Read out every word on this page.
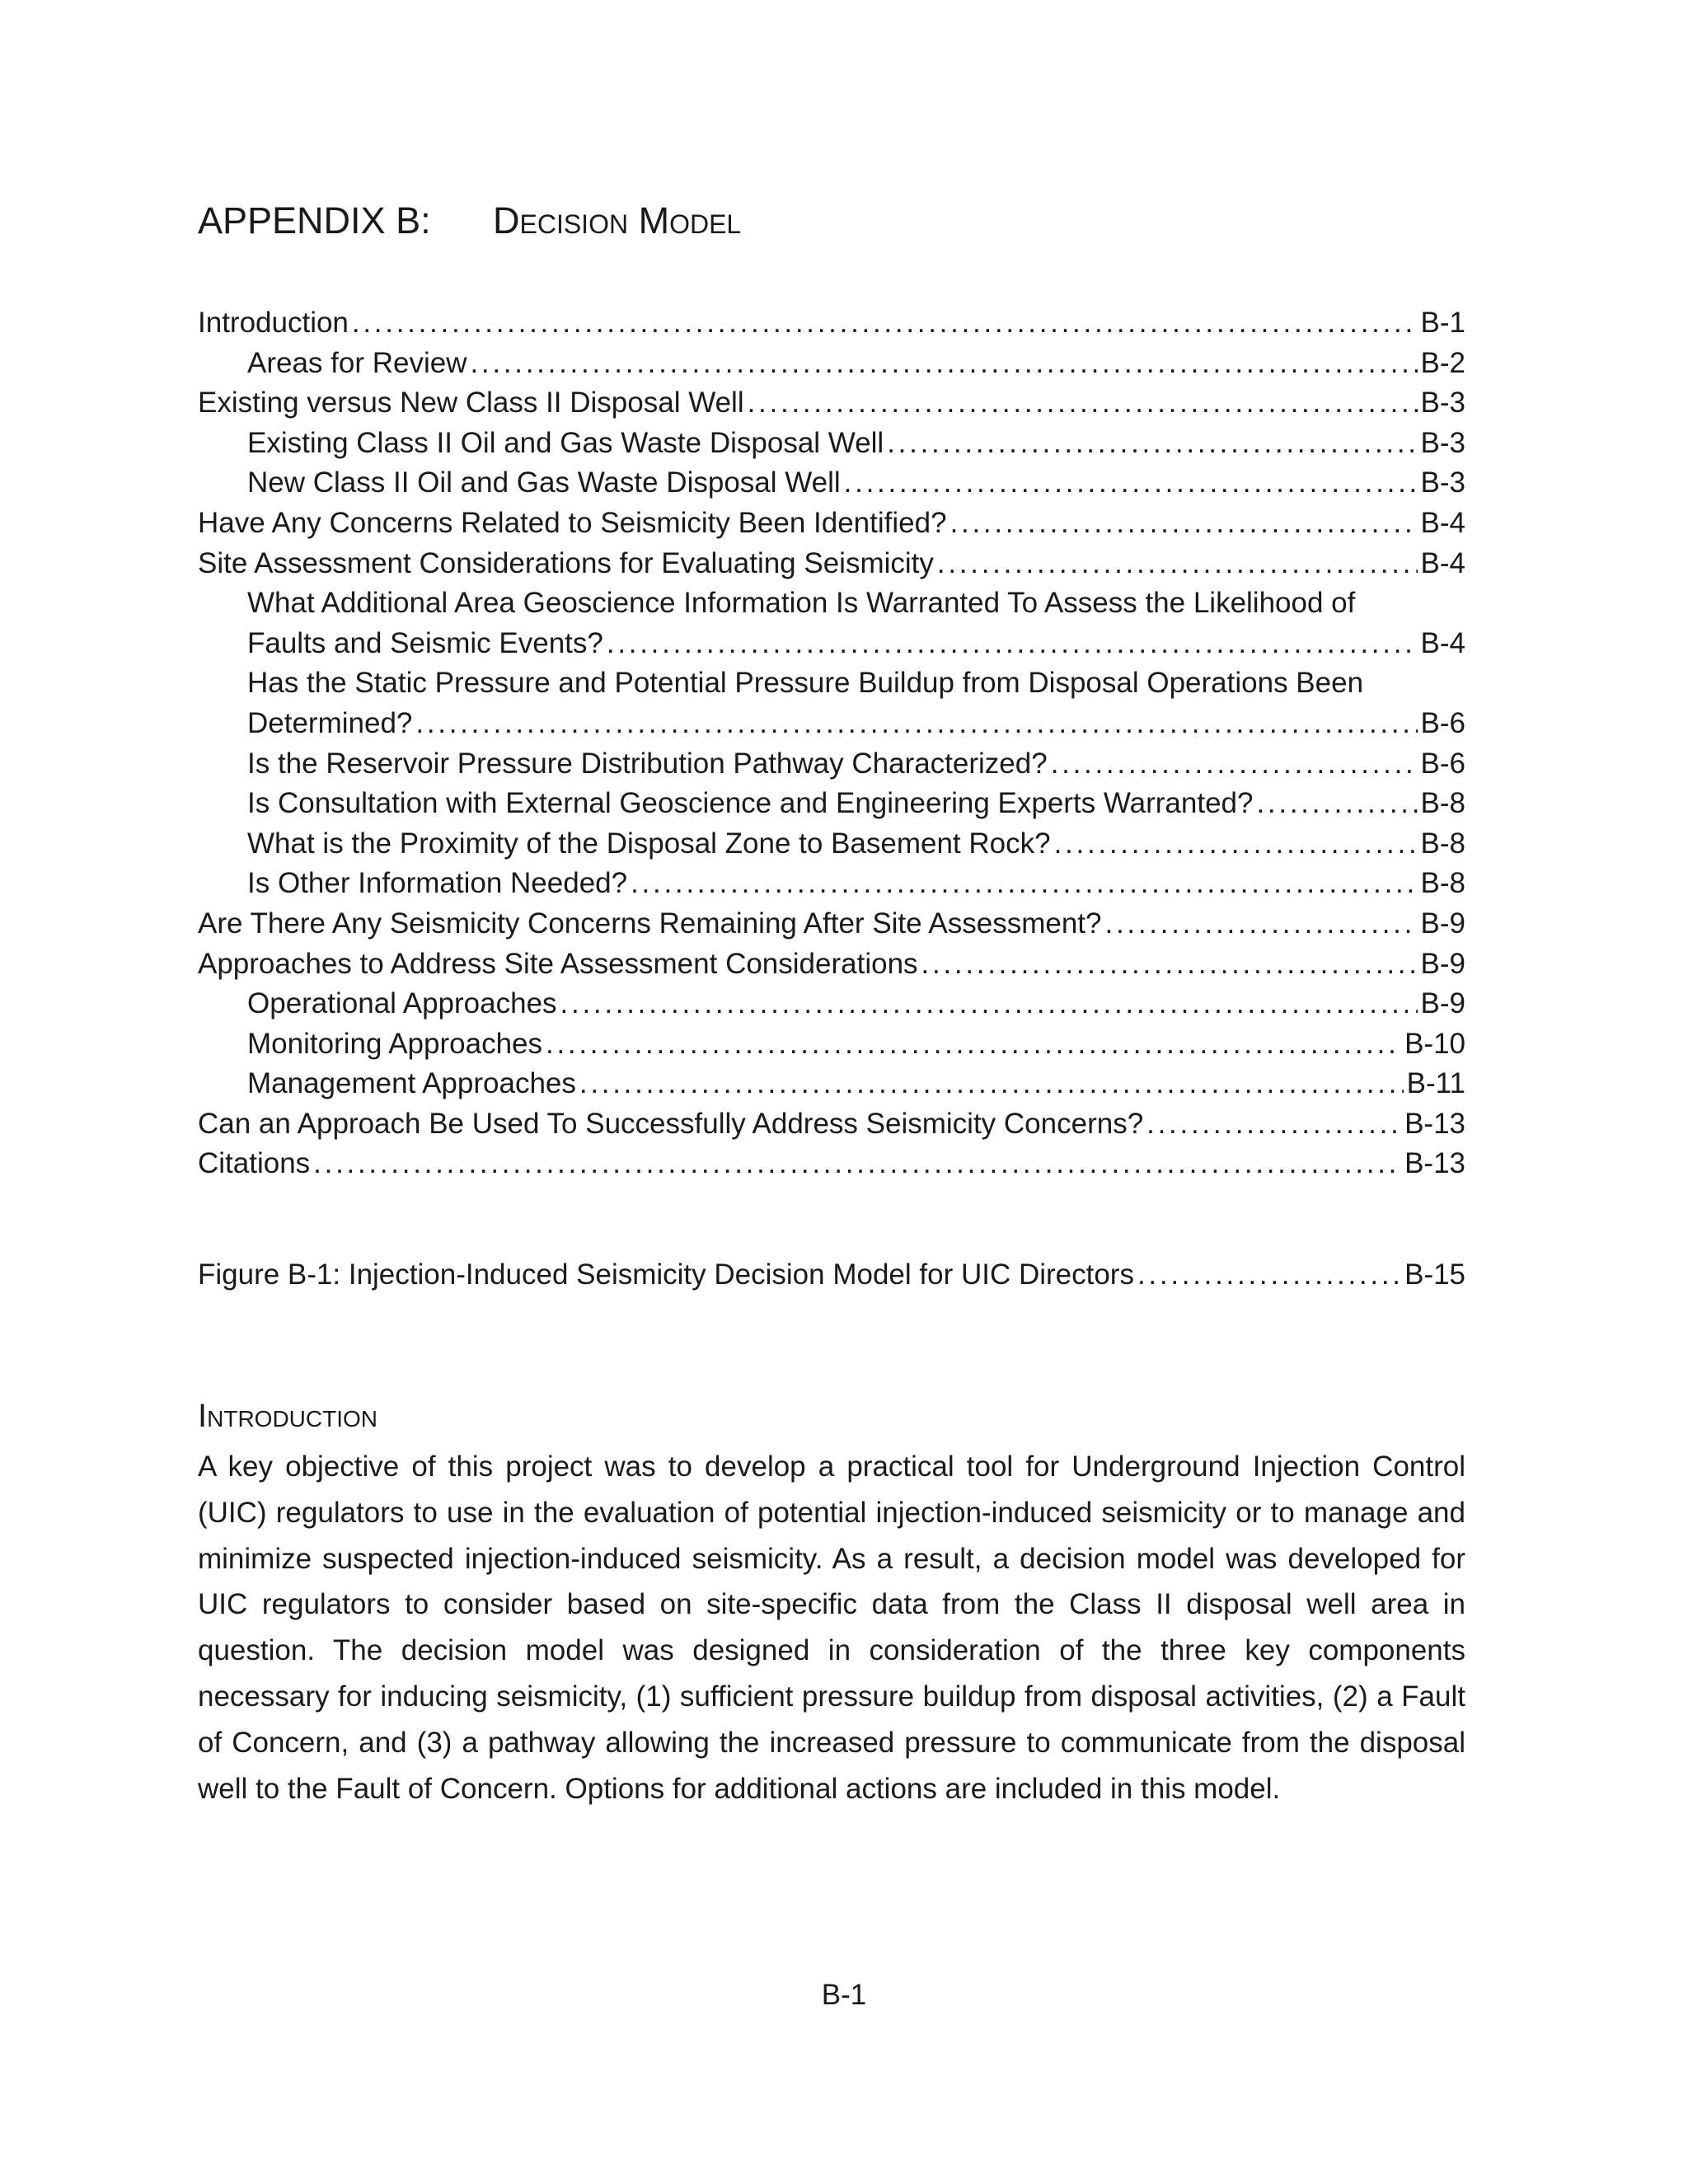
APPENDIX B: Decision Model
Introduction . . .	B-1
Areas for Review . . .	B-2
Existing versus New Class II Disposal Well . . .	B-3
Existing Class II Oil and Gas Waste Disposal Well . . .	B-3
New Class II Oil and Gas Waste Disposal Well . . .	B-3
Have Any Concerns Related to Seismicity Been Identified? . . .	B-4
Site Assessment Considerations for Evaluating Seismicity . . .	B-4
What Additional Area Geoscience Information Is Warranted To Assess the Likelihood of
Faults and Seismic Events? . . .	B-4
Has the Static Pressure and Potential Pressure Buildup from Disposal Operations Been
Determined? . . .	B-6
Is the Reservoir Pressure Distribution Pathway Characterized? . . .	B-6
Is Consultation with External Geoscience and Engineering Experts Warranted? . . .	B-8
What is the Proximity of the Disposal Zone to Basement Rock? . . .	B-8
Is Other Information Needed? . . .	B-8
Are There Any Seismicity Concerns Remaining After Site Assessment? . . .	B-9
Approaches to Address Site Assessment Considerations . . .	B-9
Operational Approaches . . .	B-9
Monitoring Approaches . . .	B-10
Management Approaches . . .	B-11
Can an Approach Be Used To Successfully Address Seismicity Concerns? . . .	B-13
Citations . . .	B-13
Figure B-1: Injection-Induced Seismicity Decision Model for UIC Directors . . .	B-15
Introduction

A key objective of this project was to develop a practical tool for Underground Injection Control (UIC) regulators to use in the evaluation of potential injection-induced seismicity or to manage and minimize suspected injection-induced seismicity. As a result, a decision model was developed for UIC regulators to consider based on site-specific data from the Class II disposal well area in question. The decision model was designed in consideration of the three key components necessary for inducing seismicity, (1) sufficient pressure buildup from disposal activities, (2) a Fault of Concern, and (3) a pathway allowing the increased pressure to communicate from the disposal well to the Fault of Concern. Options for additional actions are included in this model.

B-1
